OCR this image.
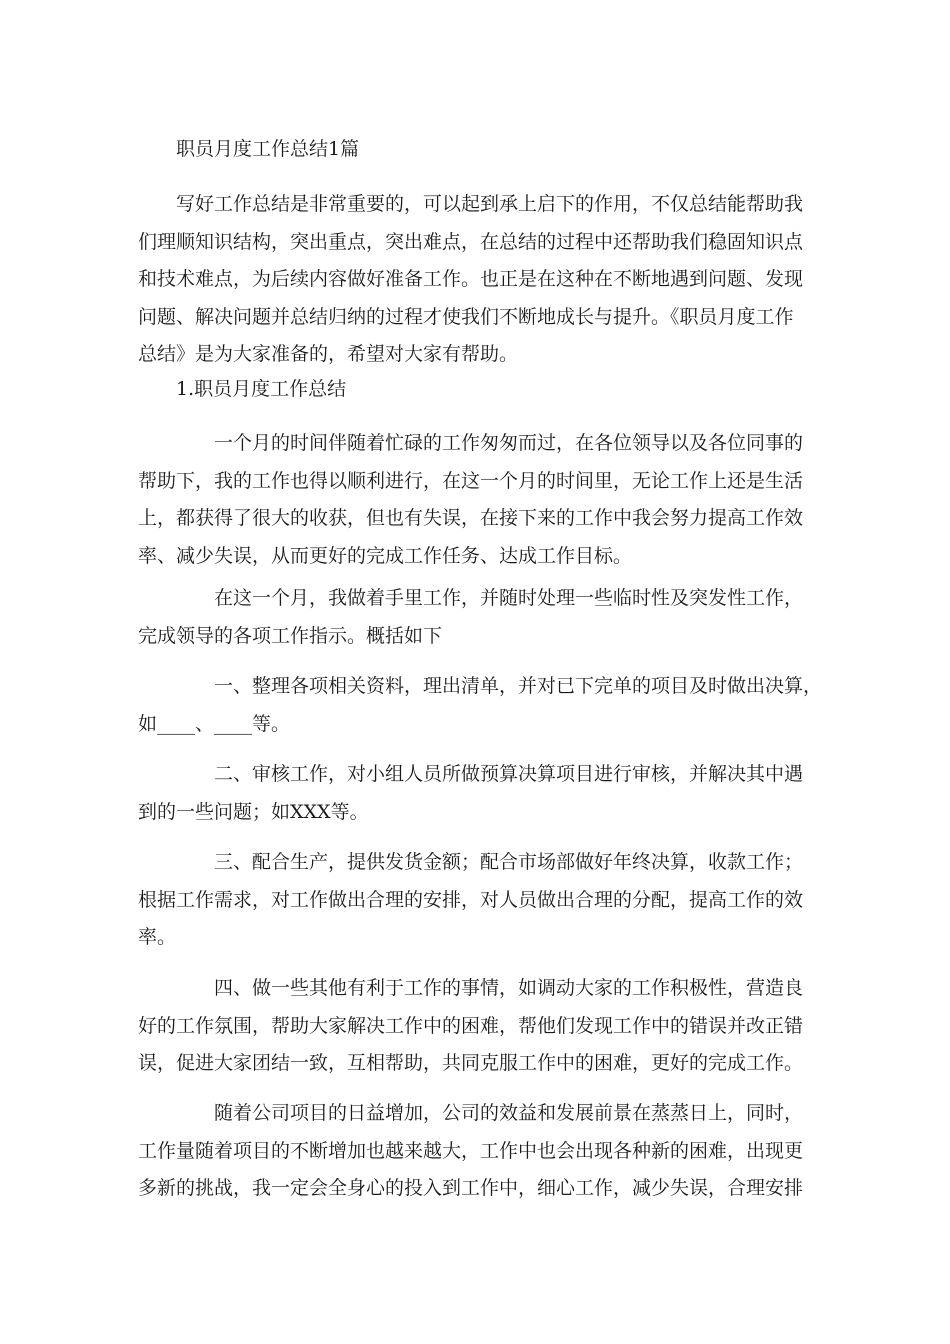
职员月度工作总结1篇
写好工作总结是非常重要的，可以起到承上启下的作用，不仅总结能帮助我
们理顺知识结构，突出重点，突出难点，在总结的过程中还帮助我们稳固知识点
和技术难点，为后续内容做好准备工作。也正是在这种在不断地遇到问题、发现
问题、解决问题并总结归纳的过程才使我们不断地成长与提升。《职员月度工作
总结》是为大家准备的，希望对大家有帮助。
1.职员月度工作总结
一个月的时间伴随着忙碌的工作匆匆而过，在各位领导以及各位同事的
帮助下，我的工作也得以顺利进行，在这一个月的时间里，无论工作上还是生活
上，都获得了很大的收获，但也有失误，在接下来的工作中我会努力提高工作效
率、减少失误，从而更好的完成工作任务、达成工作目标。
在这一个月，我做着手里工作，并随时处理一些临时性及突发性工作，
完成领导的各项工作指示。概括如下
一、整理各项相关资料，理出清单，并对已下完单的项目及时做出决算，
如____、____等。
二、审核工作，对小组人员所做预算决算项目进行审核，并解决其中遇
到的一些问题；如XXX等。
三、配合生产，提供发货金额；配合市场部做好年终决算，收款工作；
根据工作需求，对工作做出合理的安排，对人员做出合理的分配，提高工作的效
率。
四、做一些其他有利于工作的事情，如调动大家的工作积极性，营造良
好的工作氛围，帮助大家解决工作中的困难，帮他们发现工作中的错误并改正错
误，促进大家团结一致，互相帮助，共同克服工作中的困难，更好的完成工作。
随着公司项目的日益增加，公司的效益和发展前景在蒸蒸日上，同时，
工作量随着项目的不断增加也越来越大，工作中也会出现各种新的困难，出现更
多新的挑战，我一定会全身心的投入到工作中，细心工作，减少失误，合理安排
